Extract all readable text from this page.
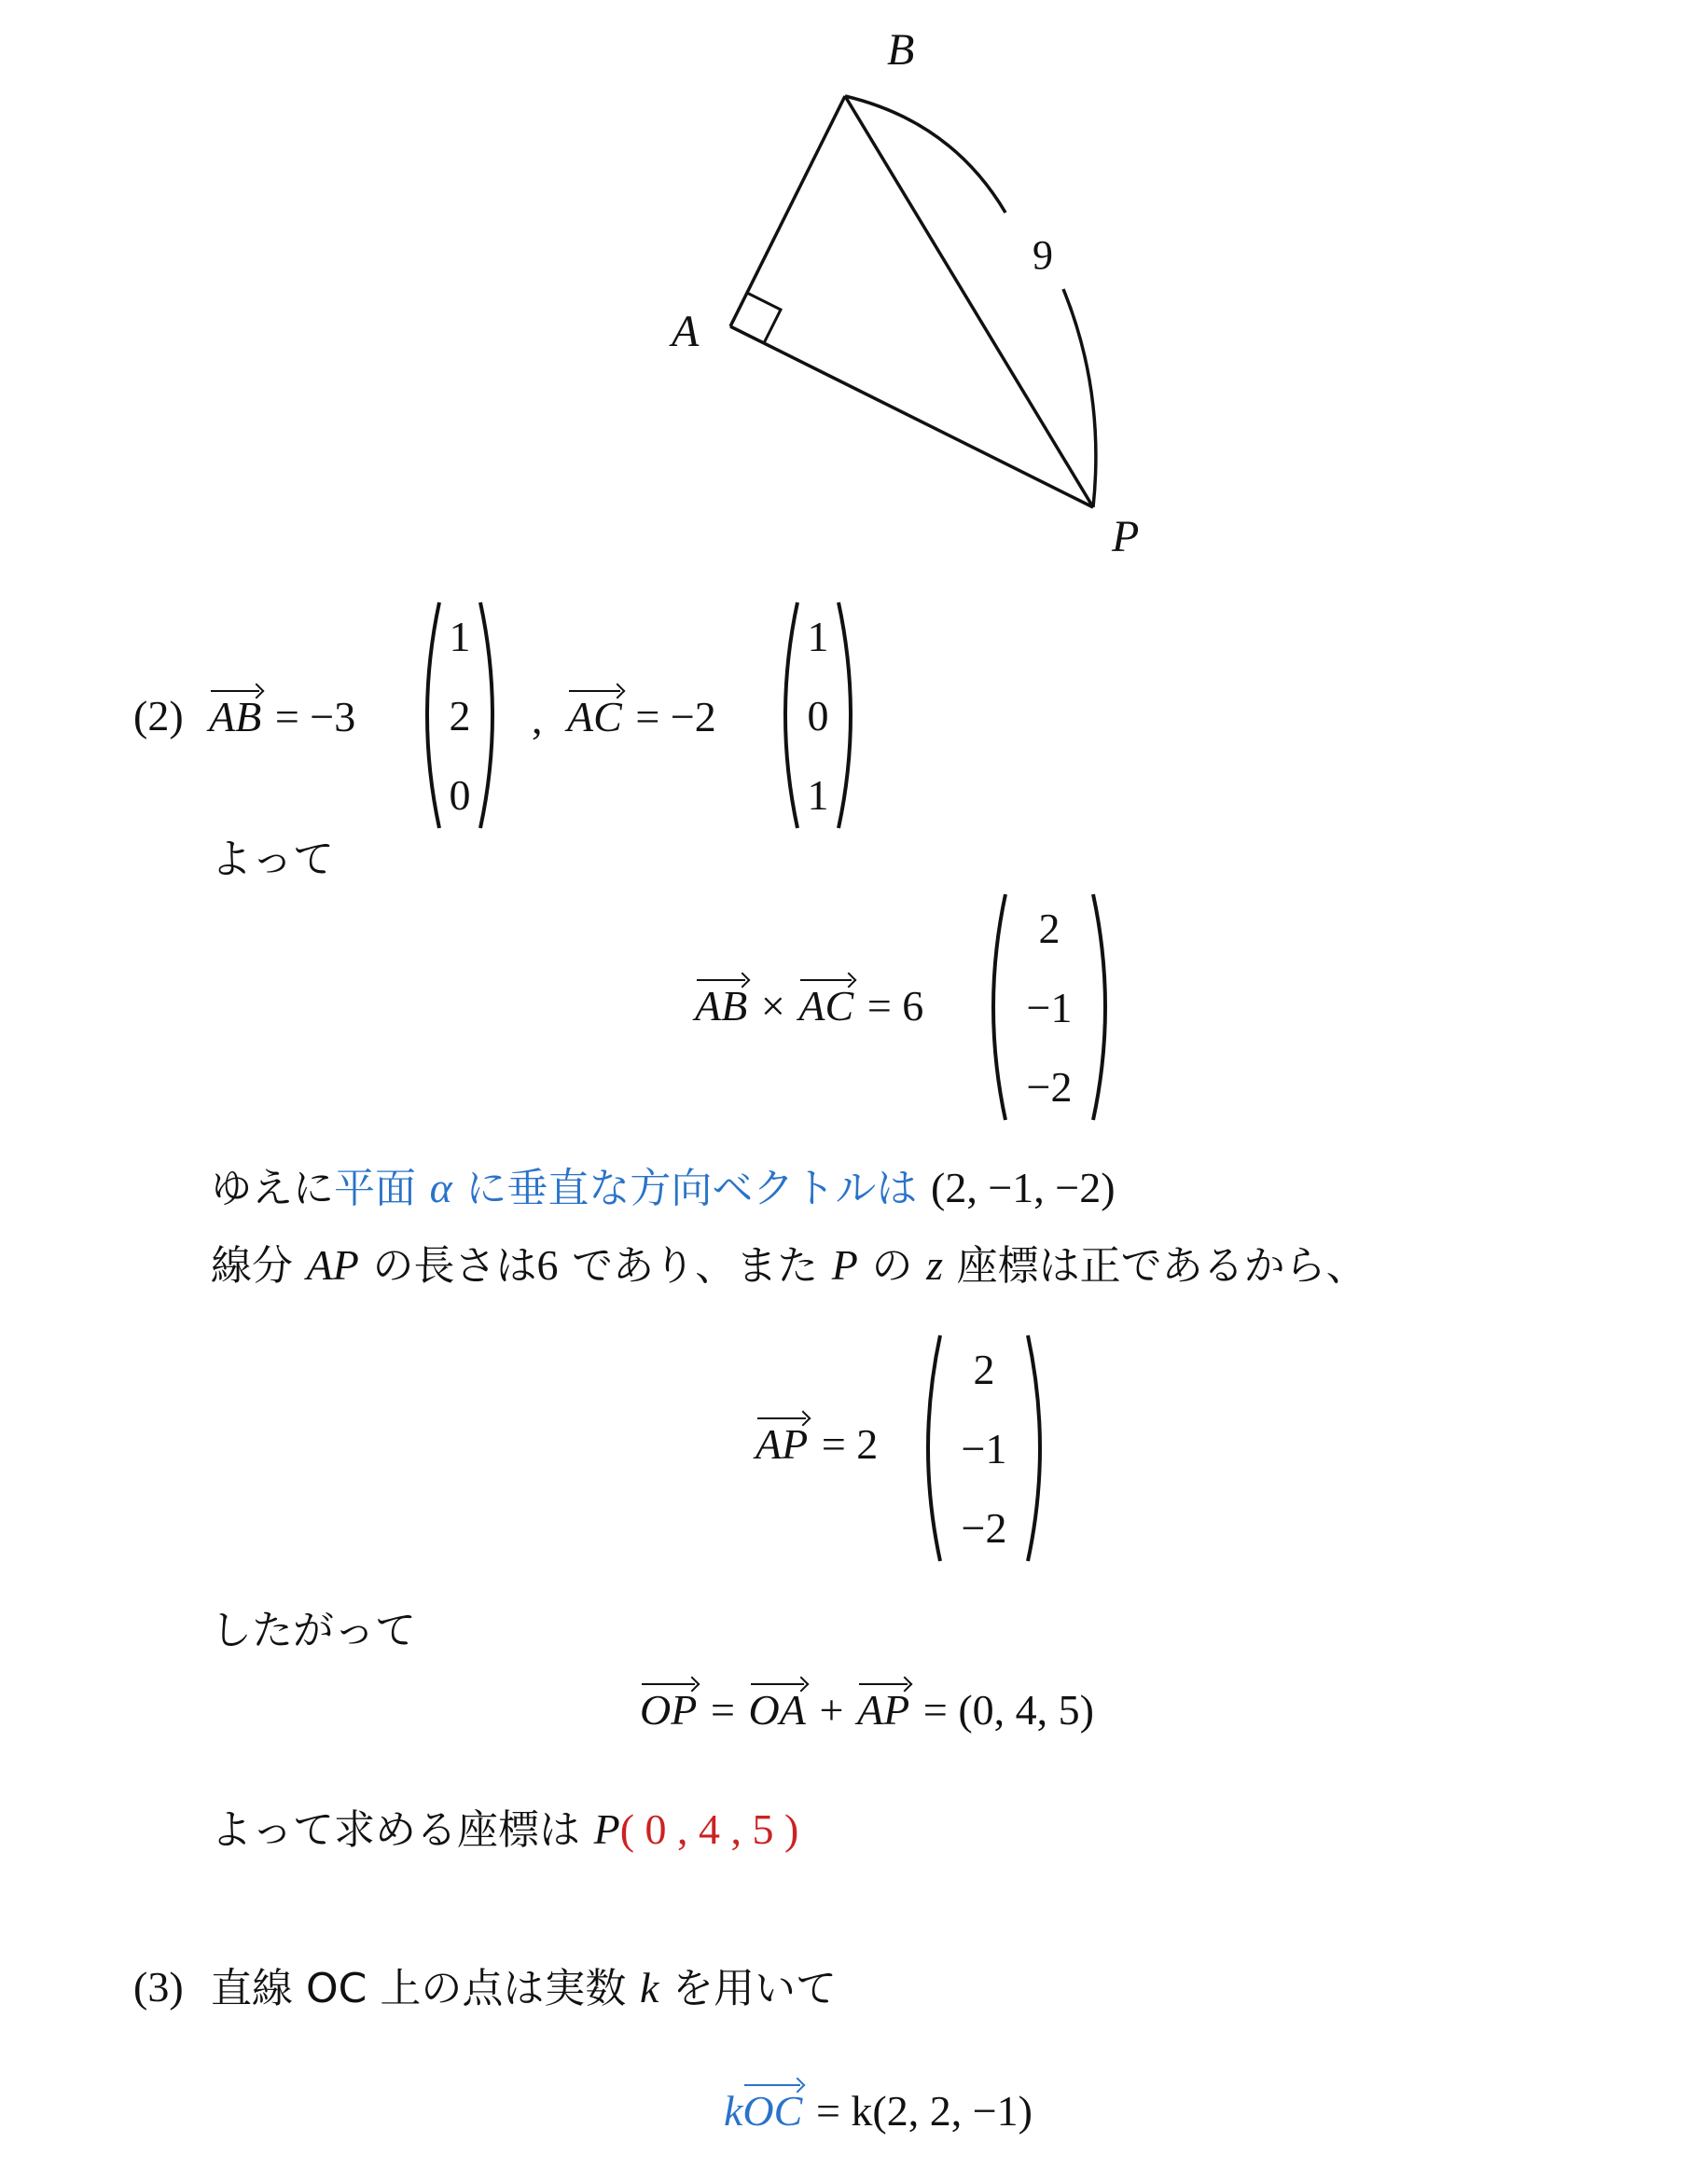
B
A
P
9
(2) AB = −3
1
2
0
, AC = −2
1
0
1
よって
AB × AC = 6
2
−1
−2
ゆえに平面 α に垂直な方向ベクトルは (2, −1, −2)
線分 AP の長さは6 であり、また P の z 座標は正であるから、
AP = 2
2
−1
−2
したがって
OP = OA + AP = (0, 4, 5)
よって求める座標は P( 0 , 4 , 5 )
(3) 直線 OC 上の点は実数 k を用いて
kOC = k(2, 2, −1)
